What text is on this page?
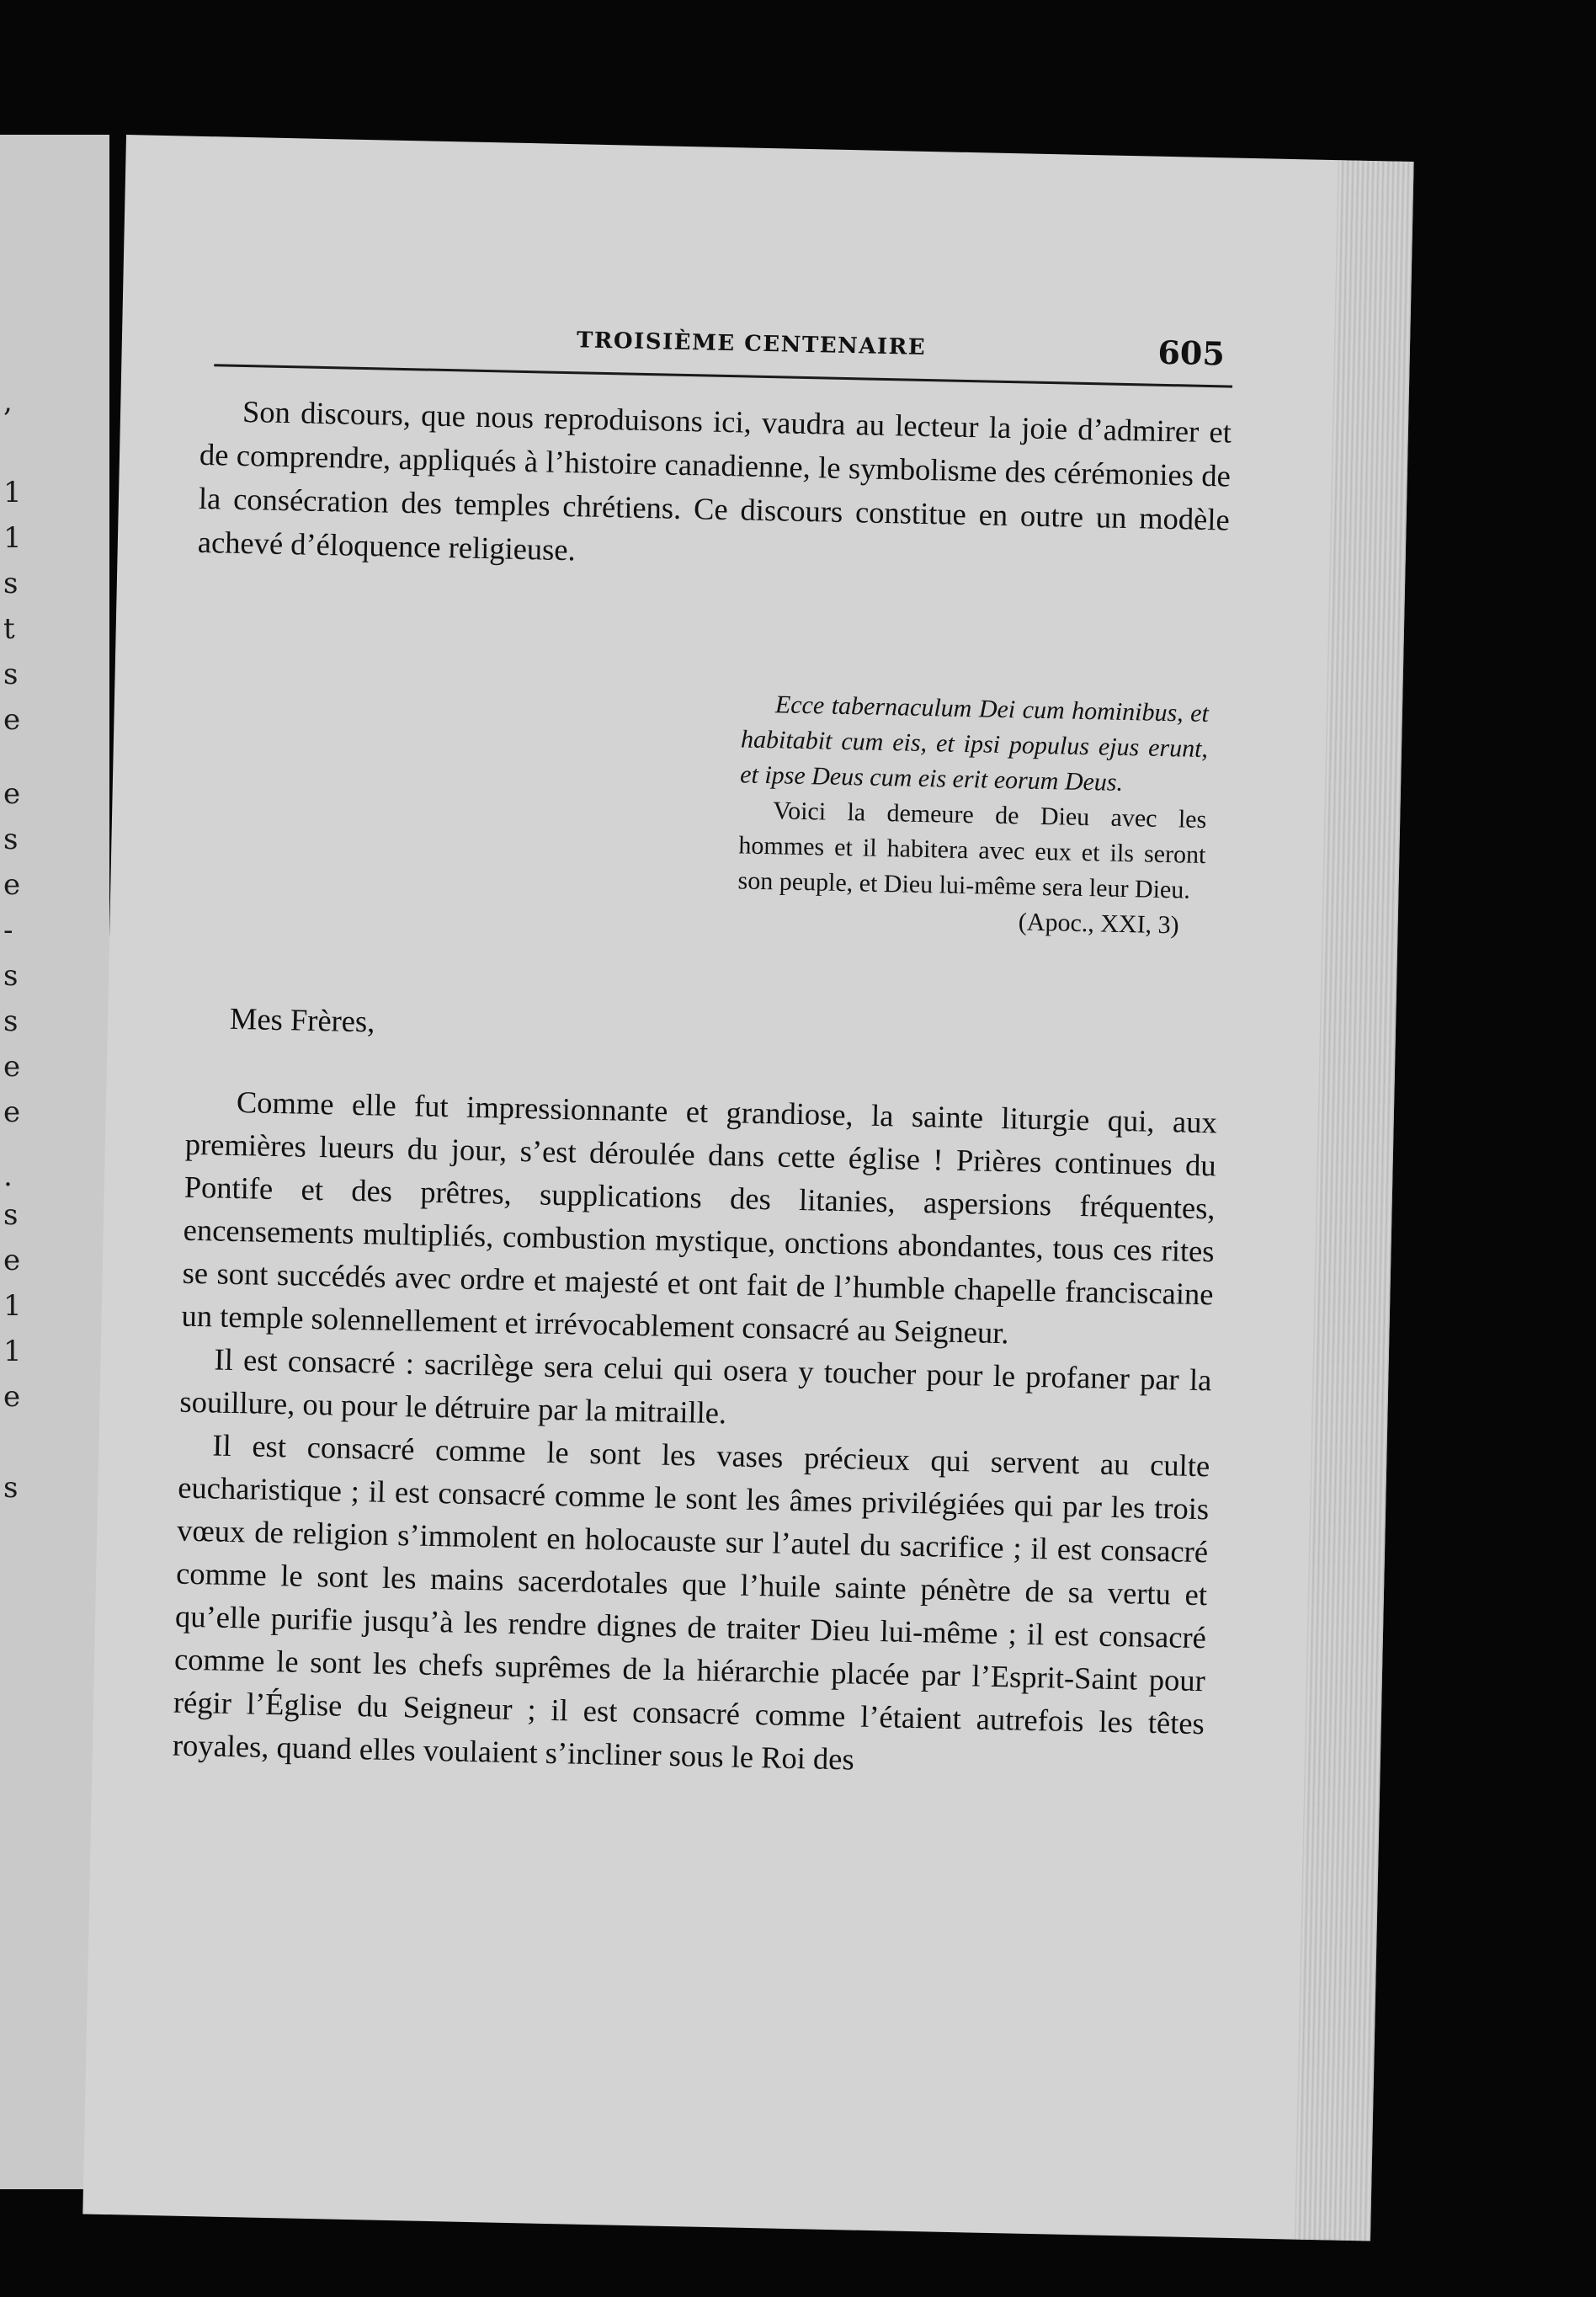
,
1
1
s
t
s
e
e
s
e
-
s
s
e
e
.
s
e
1
1
e
s
TROISIÈME CENTENAIRE	605

Son discours, que nous reproduisons ici, vaudra au lecteur la joie d’admirer et de comprendre, appliqués à l’histoire canadienne, le symbolisme des cérémonies de la consécration des temples chrétiens. Ce discours constitue en outre un modèle achevé d’éloquence religieuse.

Ecce tabernaculum Dei cum hominibus, et habitabit cum eis, et ipsi populus ejus erunt, et ipse Deus cum eis erit eorum Deus.

Voici la demeure de Dieu avec les hommes et il habitera avec eux et ils seront son peuple, et Dieu lui-même sera leur Dieu.

(Apoc., XXI, 3)

Mes Frères,

Comme elle fut impressionnante et grandiose, la sainte liturgie qui, aux premières lueurs du jour, s’est déroulée dans cette église ! Prières continues du Pontife et des prêtres, supplications des litanies, aspersions fréquentes, encensements multipliés, combustion mystique, onctions abondantes, tous ces rites se sont succédés avec ordre et majesté et ont fait de l’humble chapelle franciscaine un temple solennellement et irrévocablement consacré au Seigneur.

Il est consacré : sacrilège sera celui qui osera y toucher pour le profaner par la souillure, ou pour le détruire par la mitraille.

Il est consacré comme le sont les vases précieux qui servent au culte eucharistique ; il est consacré comme le sont les âmes privilégiées qui par les trois vœux de religion s’immolent en holocauste sur l’autel du sacrifice ; il est consacré comme le sont les mains sacerdotales que l’huile sainte pénètre de sa vertu et qu’elle purifie jusqu’à les rendre dignes de traiter Dieu lui-même ; il est consacré comme le sont les chefs suprêmes de la hiérarchie placée par l’Esprit-Saint pour régir l’Église du Seigneur ; il est consacré comme l’étaient autrefois les têtes royales, quand elles voulaient s’incliner sous le Roi des
